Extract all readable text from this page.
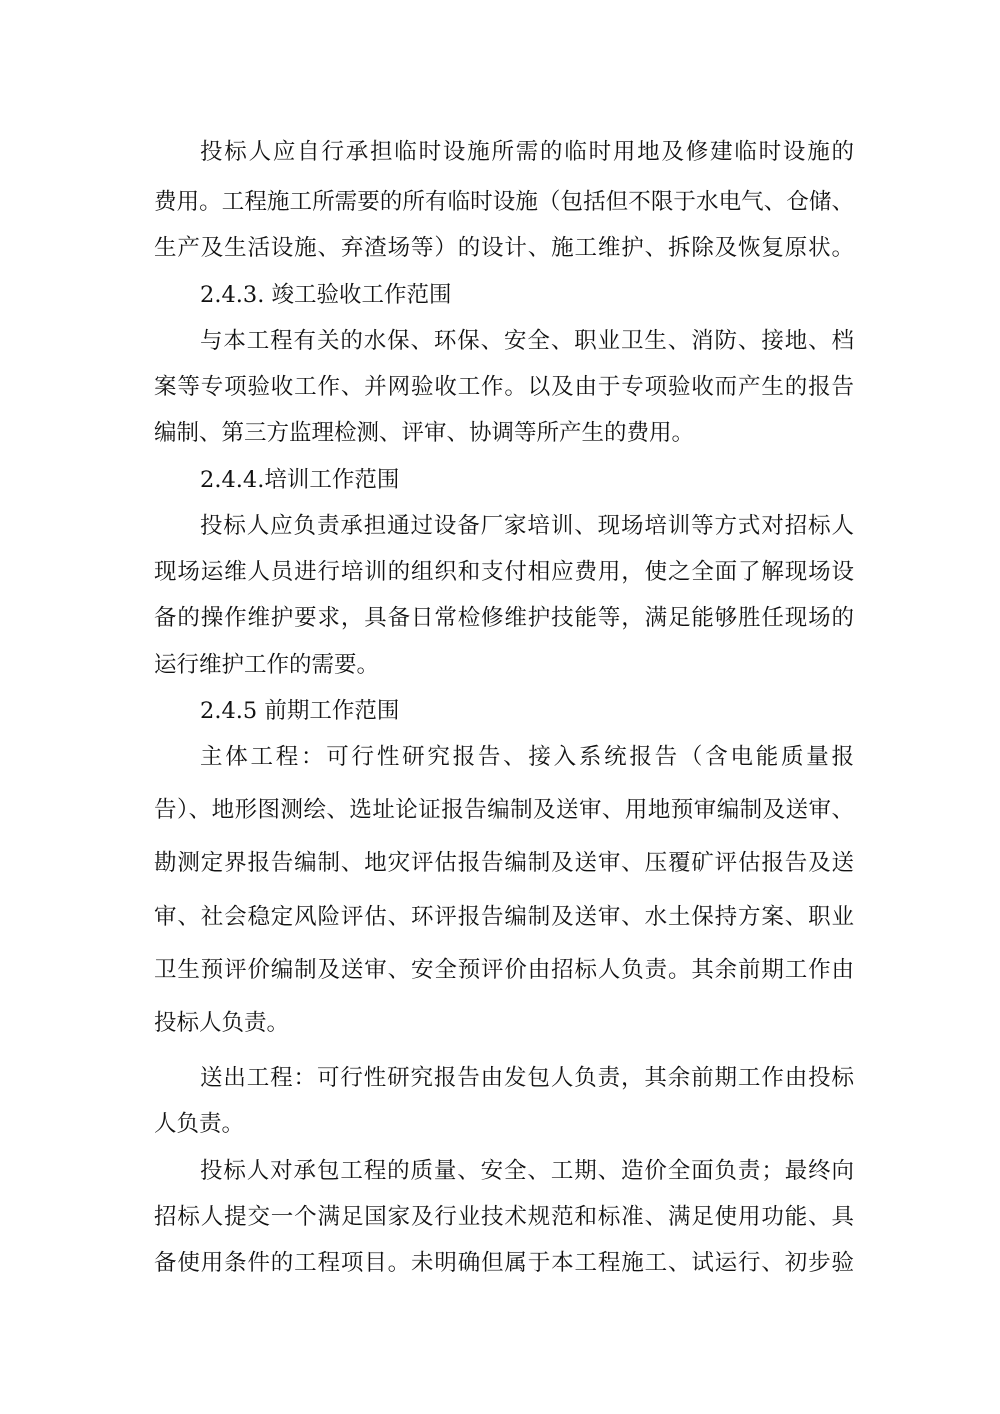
投标人应自行承担临时设施所需的临时用地及修建临时设施的
费用。工程施工所需要的所有临时设施（包括但不限于水电气、仓储、
生产及生活设施、弃渣场等）的设计、施工维护、拆除及恢复原状。
2.4.3. 竣工验收工作范围
与本工程有关的水保、环保、安全、职业卫生、消防、接地、档
案等专项验收工作、并网验收工作。以及由于专项验收而产生的报告
编制、第三方监理检测、评审、协调等所产生的费用。
2.4.4.培训工作范围
投标人应负责承担通过设备厂家培训、现场培训等方式对招标人
现场运维人员进行培训的组织和支付相应费用，使之全面了解现场设
备的操作维护要求，具备日常检修维护技能等，满足能够胜任现场的
运行维护工作的需要。
2.4.5 前期工作范围
主体工程：可行性研究报告、接入系统报告（含电能质量报
告）、地形图测绘、选址论证报告编制及送审、用地预审编制及送审、
勘测定界报告编制、地灾评估报告编制及送审、压覆矿评估报告及送
审、社会稳定风险评估、环评报告编制及送审、水土保持方案、职业
卫生预评价编制及送审、安全预评价由招标人负责。其余前期工作由
投标人负责。
送出工程：可行性研究报告由发包人负责，其余前期工作由投标
人负责。
投标人对承包工程的质量、安全、工期、造价全面负责；最终向
招标人提交一个满足国家及行业技术规范和标准、满足使用功能、具
备使用条件的工程项目。未明确但属于本工程施工、试运行、初步验
